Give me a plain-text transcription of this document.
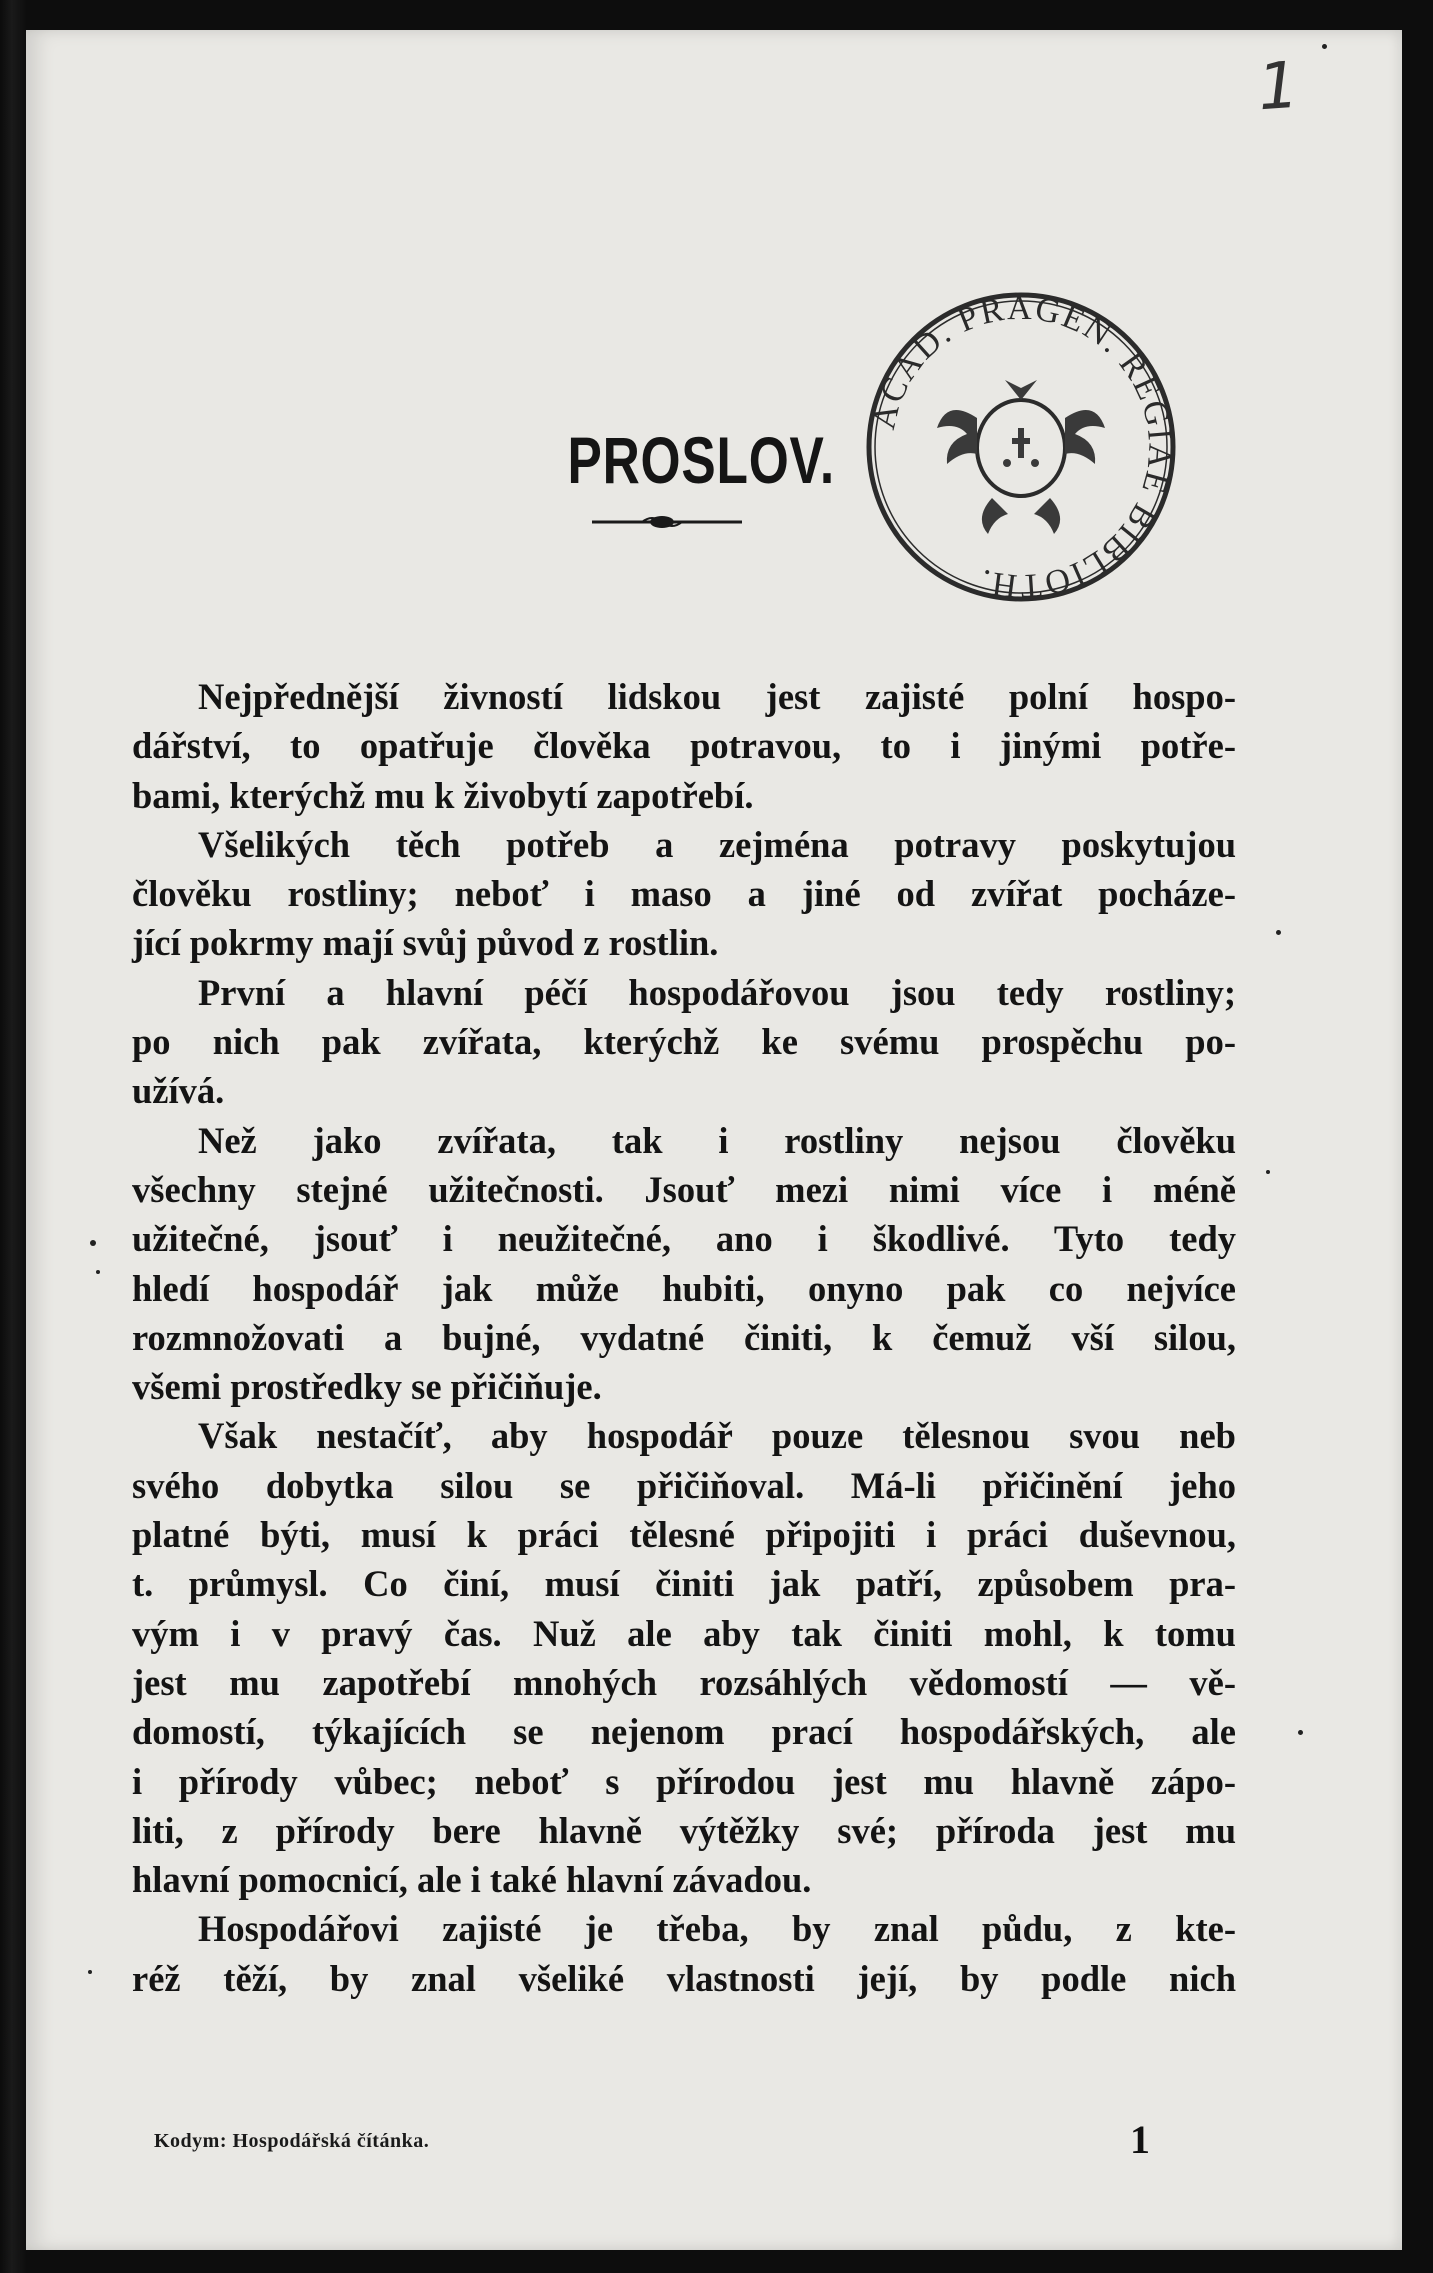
1
PROSLOV.
ACAD. PRAGEN. REGIAE BIBLIOTH.
Nejpřednější živností lidskou jest zajisté polní hospo-
dářství, to opatřuje člověka potravou, to i jinými potře-
bami, kterýchž mu k živobytí zapotřebí.
Všelikých těch potřeb a zejména potravy poskytujou
člověku rostliny; neboť i maso a jiné od zvířat pocháze-
jící pokrmy mají svůj původ z rostlin.
První a hlavní péčí hospodářovou jsou tedy rostliny;
po nich pak zvířata, kterýchž ke svému prospěchu po-
užívá.
Než jako zvířata, tak i rostliny nejsou člověku
všechny stejné užitečnosti. Jsouť mezi nimi více i méně
užitečné, jsouť i neužitečné, ano i škodlivé. Tyto tedy
hledí hospodář jak může hubiti, onyno pak co nejvíce
rozmnožovati a bujné, vydatné činiti, k čemuž vší silou,
všemi prostředky se přičiňuje.
Však nestačíť, aby hospodář pouze tělesnou svou neb
svého dobytka silou se přičiňoval. Má-li přičinění jeho
platné býti, musí k práci tělesné připojiti i práci duševnou,
t. průmysl. Co činí, musí činiti jak patří, způsobem pra-
vým i v pravý čas. Nuž ale aby tak činiti mohl, k tomu
jest mu zapotřebí mnohých rozsáhlých vědomostí — vě-
domostí, týkajících se nejenom prací hospodářských, ale
i přírody vůbec; neboť s přírodou jest mu hlavně zápo-
liti, z přírody bere hlavně výtěžky své; příroda jest mu
hlavní pomocnicí, ale i také hlavní závadou.
Hospodářovi zajisté je třeba, by znal půdu, z kte-
réž těží, by znal všeliké vlastnosti její, by podle nich
Kodym: Hospodářská čítánka.	1
